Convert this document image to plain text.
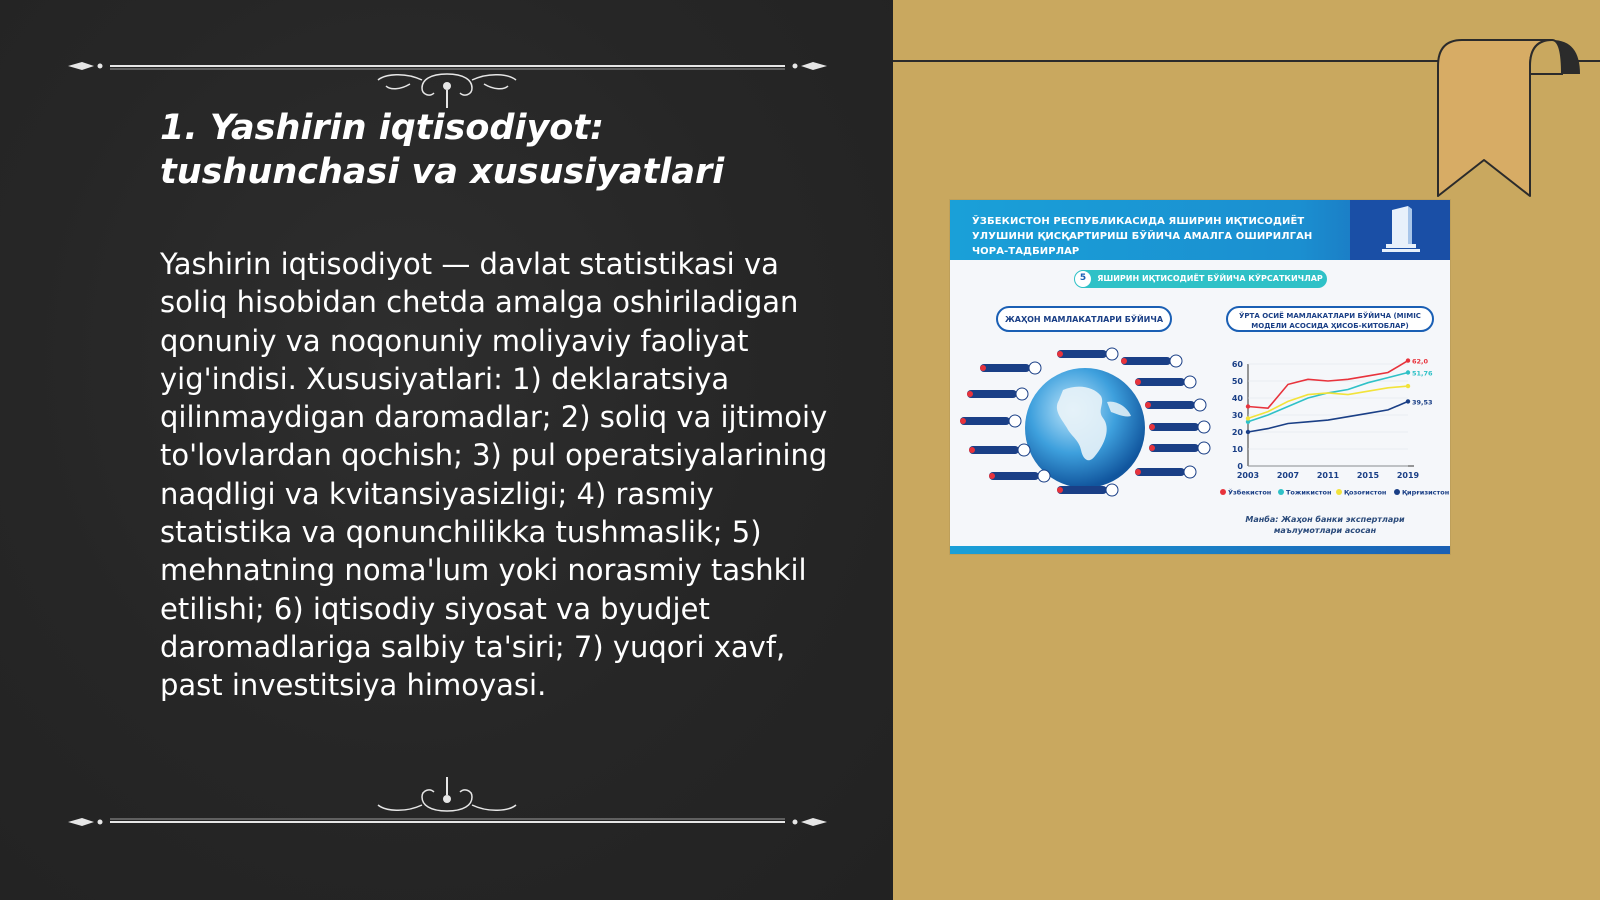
1. Yashirin iqtisodiyot: tushunchasi va xususiyatlari

Yashirin iqtisodiyot — davlat statistikasi va soliq hisobidan chetda amalga oshiriladigan qonuniy va noqonuniy moliyaviy faoliyat yig'indisi. Xususiyatlari: 1) deklaratsiya qilinmaydigan daromadlar; 2) soliq va ijtimoiy to'lovlardan qochish; 3) pul operatsiyalarining naqdligi va kvitansiyasizligi; 4) rasmiy statistika va qonunchilikka tushmaslik; 5) mehnatning noma'lum yoki norasmiy tashkil etilishi; 6) iqtisodiy siyosat va byudjet daromadlariga salbiy ta'siri; 7) yuqori xavf, past investitsiya himoyasi.

ЎЗБЕКИСТОН РЕСПУБЛИКАСИДА ЯШИРИН ИҚТИСОДИЁТ УЛУШИНИ ҚИСҚАРТИРИШ БЎЙИЧА АМАЛГА ОШИРИЛГАН ЧОРА-ТАДБИРЛАР
ЯШИРИН ИҚТИСОДИЁТ БЎЙИЧА КЎРСАТКИЧЛАР
5
ЖАҲОН МАМЛАКАТЛАРИ БЎЙИЧА	ЎРТА ОСИЁ МАМЛАКАТЛАРИ БЎЙИЧА (MIMIC МОДЕЛИ АСОСИДА ҲИСОБ-КИТОБЛАР)
62,0
51,76
39,53
0
10
20
30
40
50
60
2003 2007 2011 2015 2019
Ўзбекистон Тожикистон Қозоғистон Қирғизистон
Манба: Жаҳон банки экспертлари маълумотлари асосан
